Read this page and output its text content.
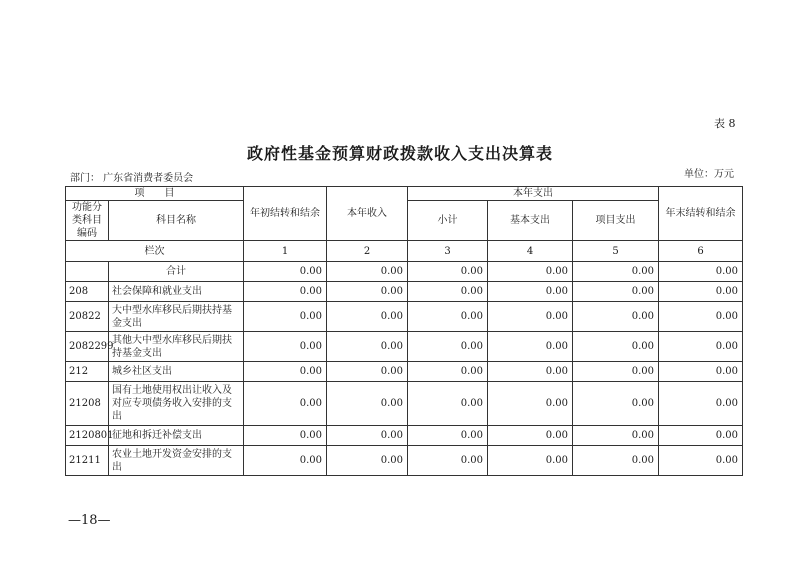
表 8
政府性基金预算财政拨款收入支出决算表
部门： 广东省消费者委员会	单位：万元
项　　目		年初结转和结余	本年收入	本年支出			年末结转和结余
功能分类科目编码	科目名称			小计	基本支出	项目支出	

栏次		1	2	3	4	5	6
	合计	0.00	0.00	0.00	0.00	0.00	0.00
208	社会保障和就业支出	0.00	0.00	0.00	0.00	0.00	0.00
20822	大中型水库移民后期扶持基金支出	0.00	0.00	0.00	0.00	0.00	0.00
2082299	其他大中型水库移民后期扶持基金支出	0.00	0.00	0.00	0.00	0.00	0.00
212	城乡社区支出	0.00	0.00	0.00	0.00	0.00	0.00
21208	国有土地使用权出让收入及对应专项债务收入安排的支出	0.00	0.00	0.00	0.00	0.00	0.00
2120801	征地和拆迁补偿支出	0.00	0.00	0.00	0.00	0.00	0.00
21211	农业土地开发资金安排的支出	0.00	0.00	0.00	0.00	0.00	0.00
—18—
